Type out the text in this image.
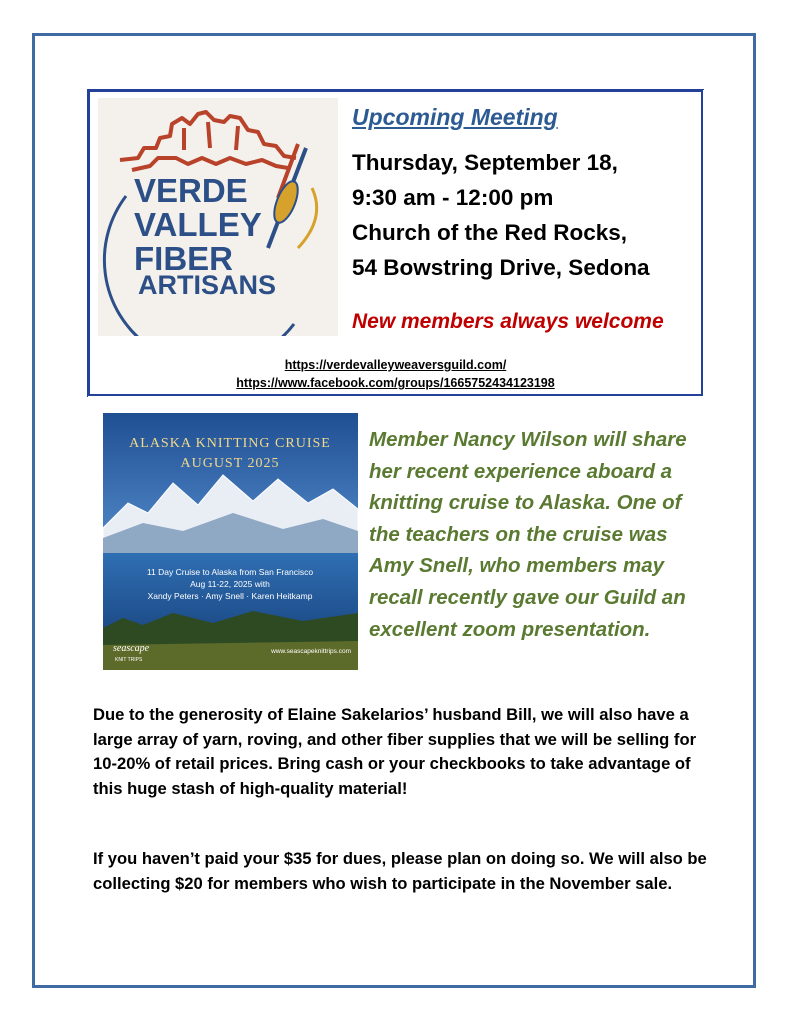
VERDE
VALLEY
FIBER
ARTISANS
Upcoming Meeting
Thursday, September 18,
9:30 am - 12:00 pm
Church of the Red Rocks,
54 Bowstring Drive, Sedona
New members always welcome
https://verdevalleyweaversguild.com/
https://www.facebook.com/groups/1665752434123198
ALASKA KNITTING CRUISE
AUGUST 2025
11 Day Cruise to Alaska from San Francisco
Aug 11-22, 2025 with
Xandy Peters · Amy Snell · Karen Heitkamp
seascape
KNIT TRIPS
www.seascapeknittrips.com
Member Nancy Wilson will share her recent experience aboard a knitting cruise to Alaska. One of the teachers on the cruise was Amy Snell, who members may recall recently gave our Guild an excellent zoom presentation.
Due to the generosity of Elaine Sakelarios’ husband Bill, we will also have a large array of yarn, roving, and other fiber supplies that we will be selling for 10-20% of retail prices. Bring cash or your checkbooks to take advantage of this huge stash of high-quality material!
If you haven’t paid your $35 for dues, please plan on doing so. We will also be collecting $20 for members who wish to participate in the November sale.
